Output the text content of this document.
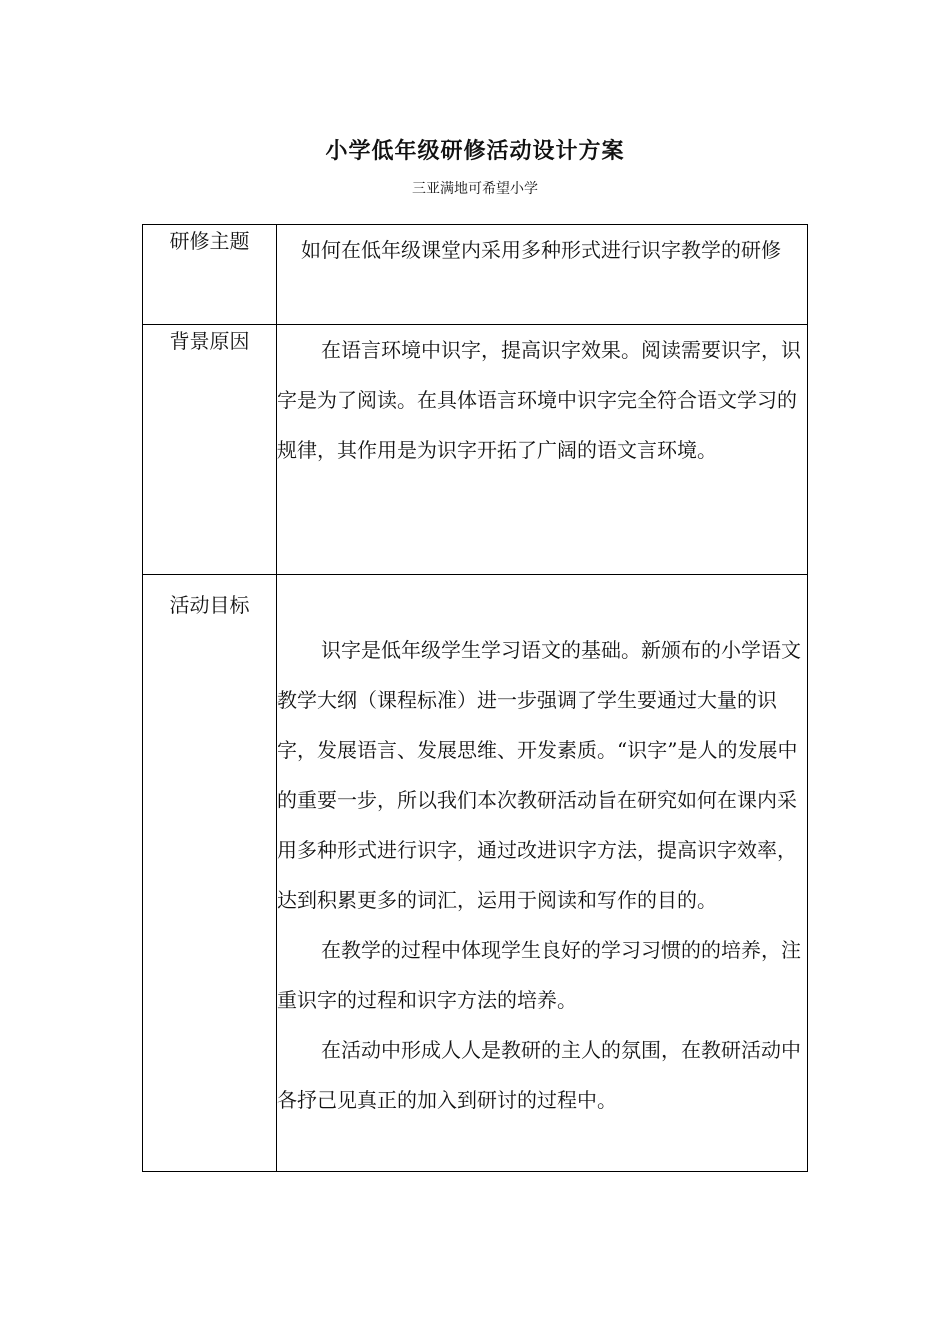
小学低年级研修活动设计方案
三亚满地可希望小学
研修主题	如何在低年级课堂内采用多种形式进行识字教学的研修

背景原因	在语言环境中识字，提高识字效果。阅读需要识字，识字是为了阅读。在具体语言环境中识字完全符合语文学习的规律，其作用是为识字开拓了广阔的语文言环境。

活动目标	识字是低年级学生学习语文的基础。新颁布的小学语文教学大纲（课程标准）进一步强调了学生要通过大量的识字，发展语言、发展思维、开发素质。“识字”是人的发展中的重要一步，所以我们本次教研活动旨在研究如何在课内采用多种形式进行识字，通过改进识字方法，提高识字效率，达到积累更多的词汇，运用于阅读和写作的目的。

在教学的过程中体现学生良好的学习习惯的的培养，注重识字的过程和识字方法的培养。

在活动中形成人人是教研的主人的氛围，在教研活动中各抒己见真正的加入到研讨的过程中。
